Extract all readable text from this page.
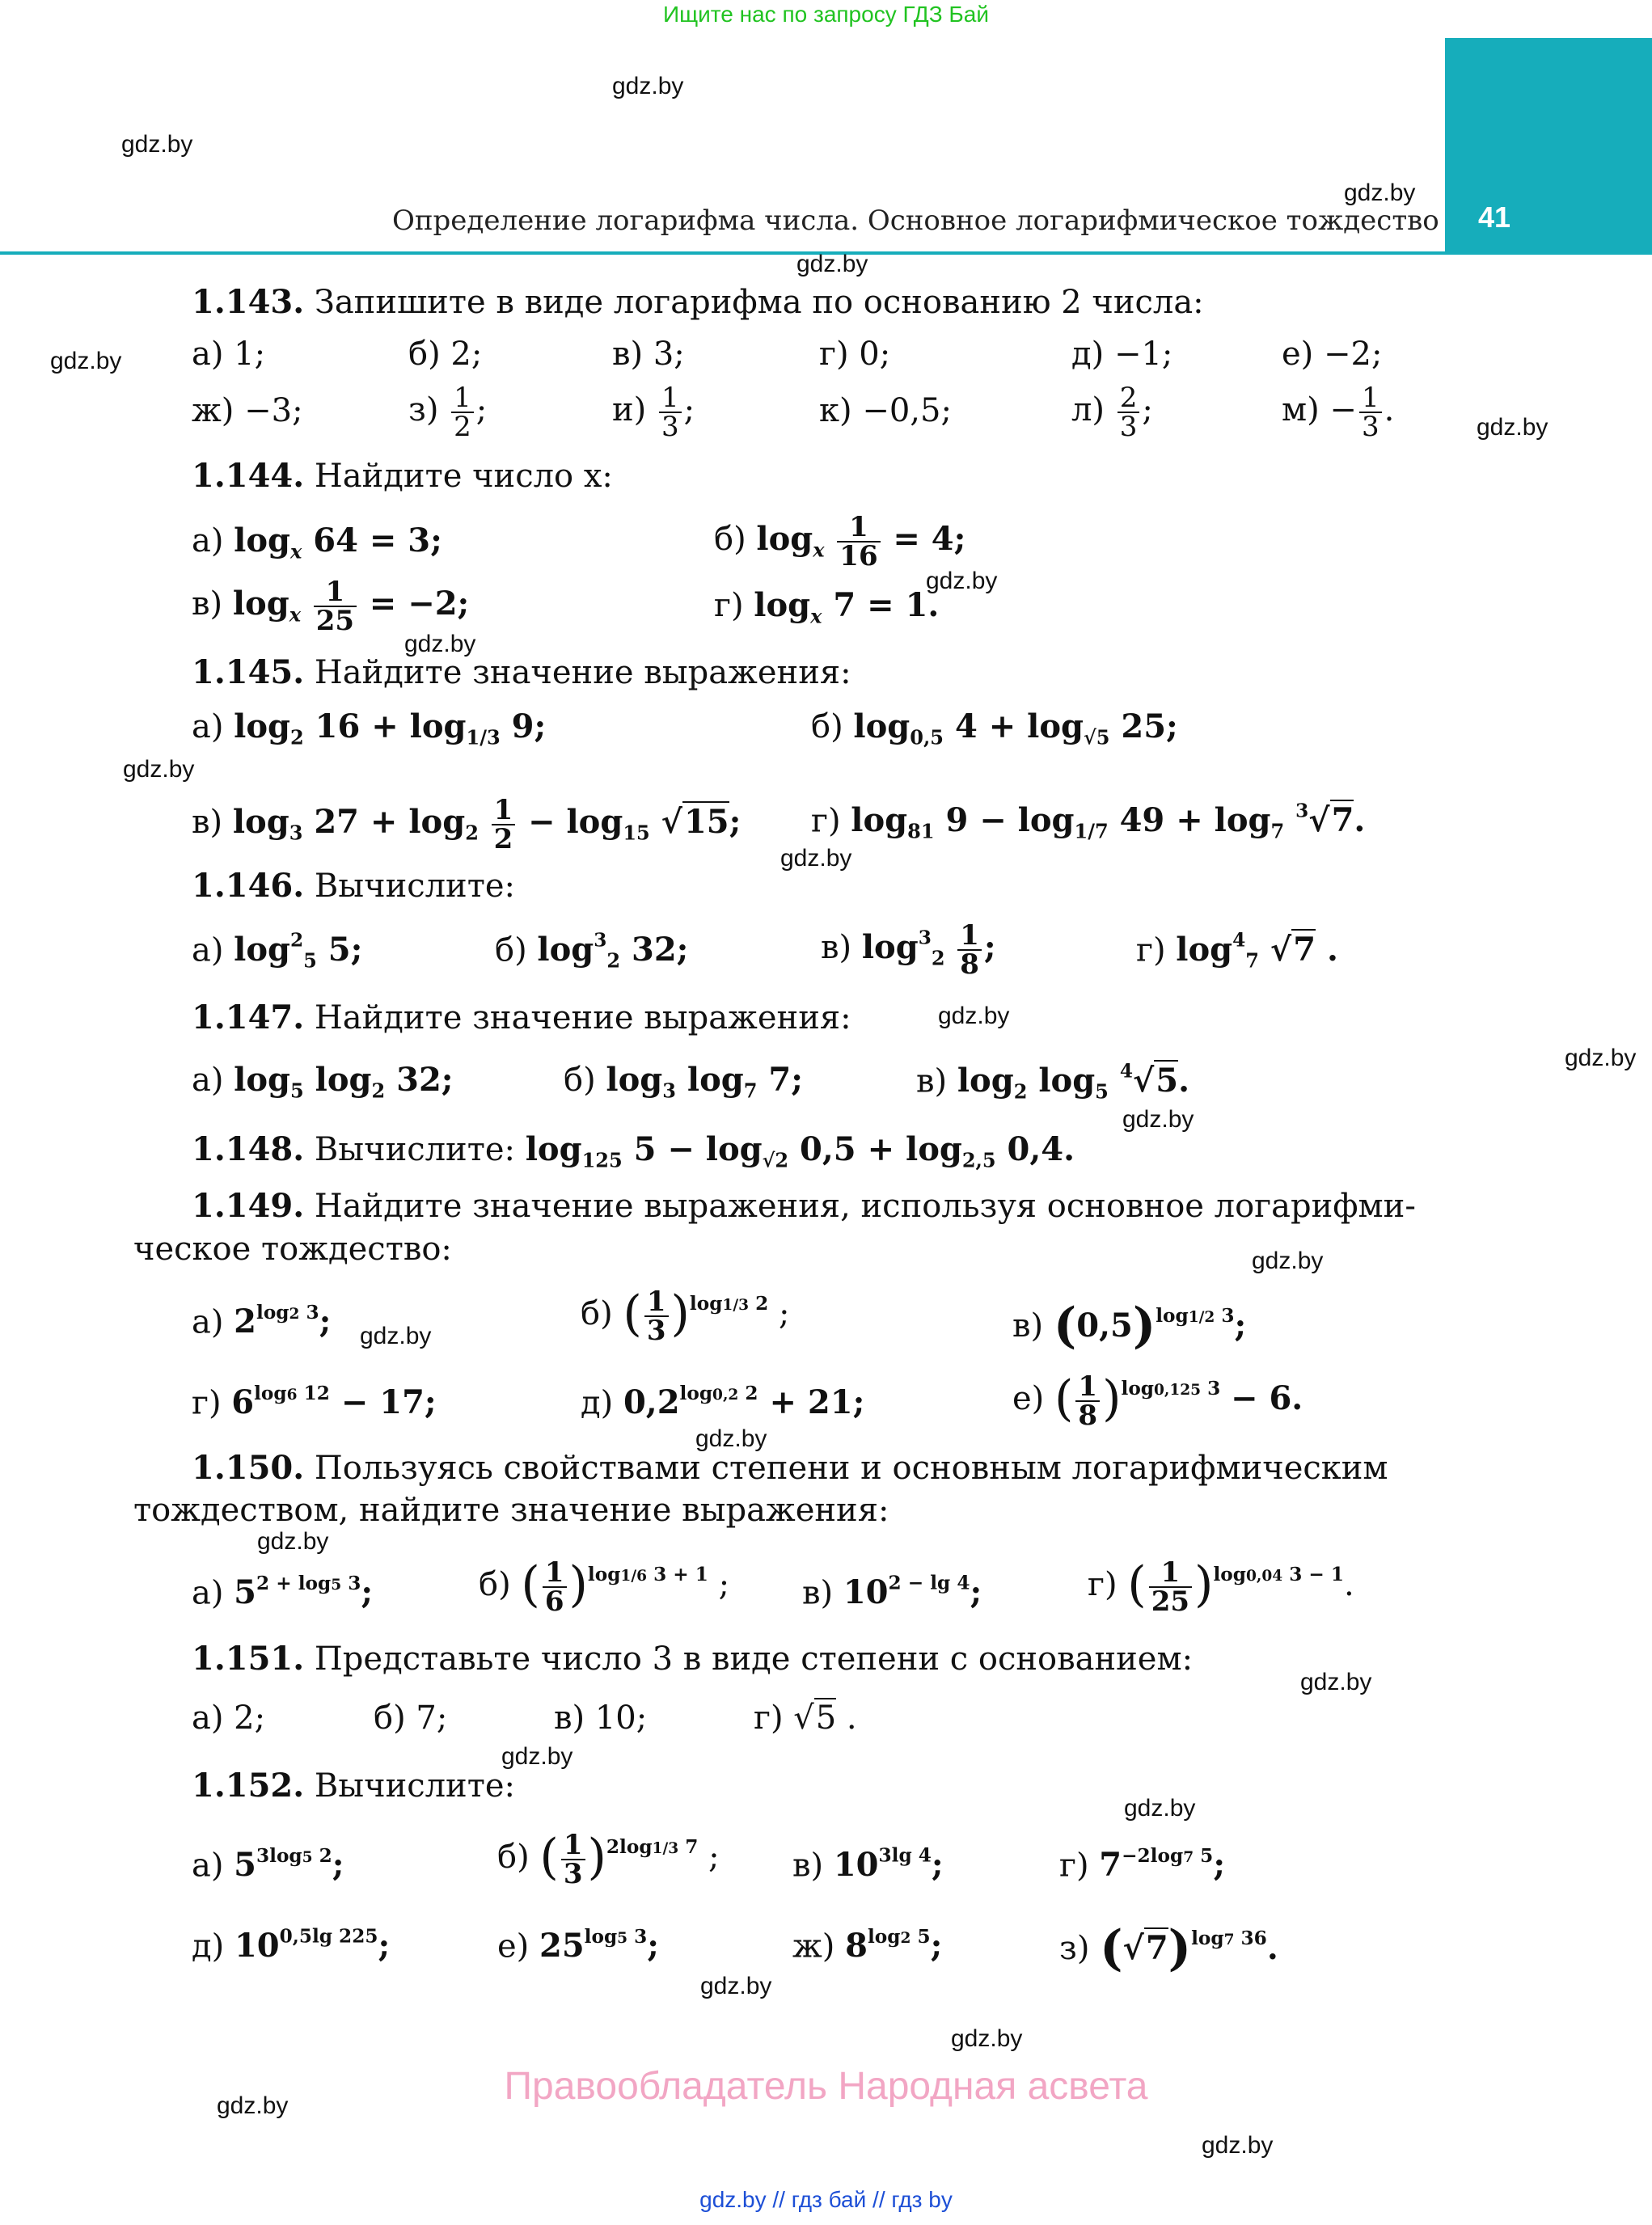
Ищите нас по запросу ГДЗ Бай
41
Определение логарифма числа. Основное логарифмическое тождество
gdz.by
gdz.by
gdz.by
gdz.by
gdz.by
gdz.by
gdz.by
gdz.by
gdz.by
gdz.by
gdz.by
gdz.by
gdz.by
gdz.by
gdz.by
gdz.by
gdz.by
gdz.by
gdz.by
gdz.by
gdz.by
gdz.by
gdz.by
gdz.by
1.143. Запишите в виде логарифма по основанию 2 числа:
а) 1;	б) 2;	в) 3;	г) 0;	д) −1;	е) −2;
ж) −3;	$з) \frac{1}{2}$ ;	$и) \frac{1}{3}$ ;	к) −0,5;	$л) \frac{2}{3}$ ;	$м) - \frac{1}{3}$ .
1.144. Найдите число x:
а) $\log_x 64 = 3$;	б) $\log_x \frac{1}{16} = 4$;
в) $\log_x \frac{1}{25} = -2$;	г) $\log_x 7 = 1$.
1.145. Найдите значение выражения:
а) $\log_2 16 + \log_{1/3} 9$;	б) $\log_{0,5} 4 + \log_{√5} 25$;
в) $\log_3 27 + \log_2 \frac{1}{2} - \log_{15} √15$; г) $\log_{81} 9 - \log_{1/7} 49 + \log_7 ^3√7$.
1.146. Вычислите:
а) $\log^2_5 5$;	б) $\log^3_2 32$;	в) $\log^3_2 \frac{1}{8}$ ;	г) $\log^4_7 √7$ .
1.147. Найдите значение выражения:
а) $\log_5 \log_2 32$;	б) $\log_3 \log_7 7$;	в) $\log_2 \log_5 ^4√5$.
1.148. Вычислите: $\log_{125} 5 - \log_{√2} 0,5 + \log_{2,5} 0,4$.
1.149. Найдите значение выражения, используя основное логарифми-
ческое тождество:
а) $2^{log2 3}$;	б) ( $\frac{1}{3} )^{log1/3 2}$ ;	в) $(0,5)^{log1/2 3}$;
г) $6^{log6 12} - 17$;	д) $0,2^{log0,2 2} + 21$;	е) ( $\frac{1}{8} )^{log0,125 3} - 6$.
1.150. Пользуясь свойствами степени и основным логарифмическим
тождеством, найдите значение выражения:
а) $5^{2 + log5 3}$;	б) ( $\frac{1}{6} )^{log1/6 3 + 1}$ ; в) $10^{2 - lg 4}$;	г) ( $\frac{1}{25} )^{log0,04 3 - 1}$.
1.151. Представьте число 3 в виде степени с основанием:
а) 2;	б) 7;	в) 10;	г) √5 .
1.152. Вычислите:
а) $5^{3log5 2}$;	б) ( $\frac{1}{3} )^{2log1/3 7}$ ; в) $10^{3lg 4}$;	г) $7^{-2log7 5}$;
д) $10^{0,5lg 225}$;	е) $25^{log5 3}$;	ж) $8^{log2 5}$;	з) $(√7)^{log7 36}$.
Правообладатель Народная асвета
gdz.by // гдз бай // гдз by
